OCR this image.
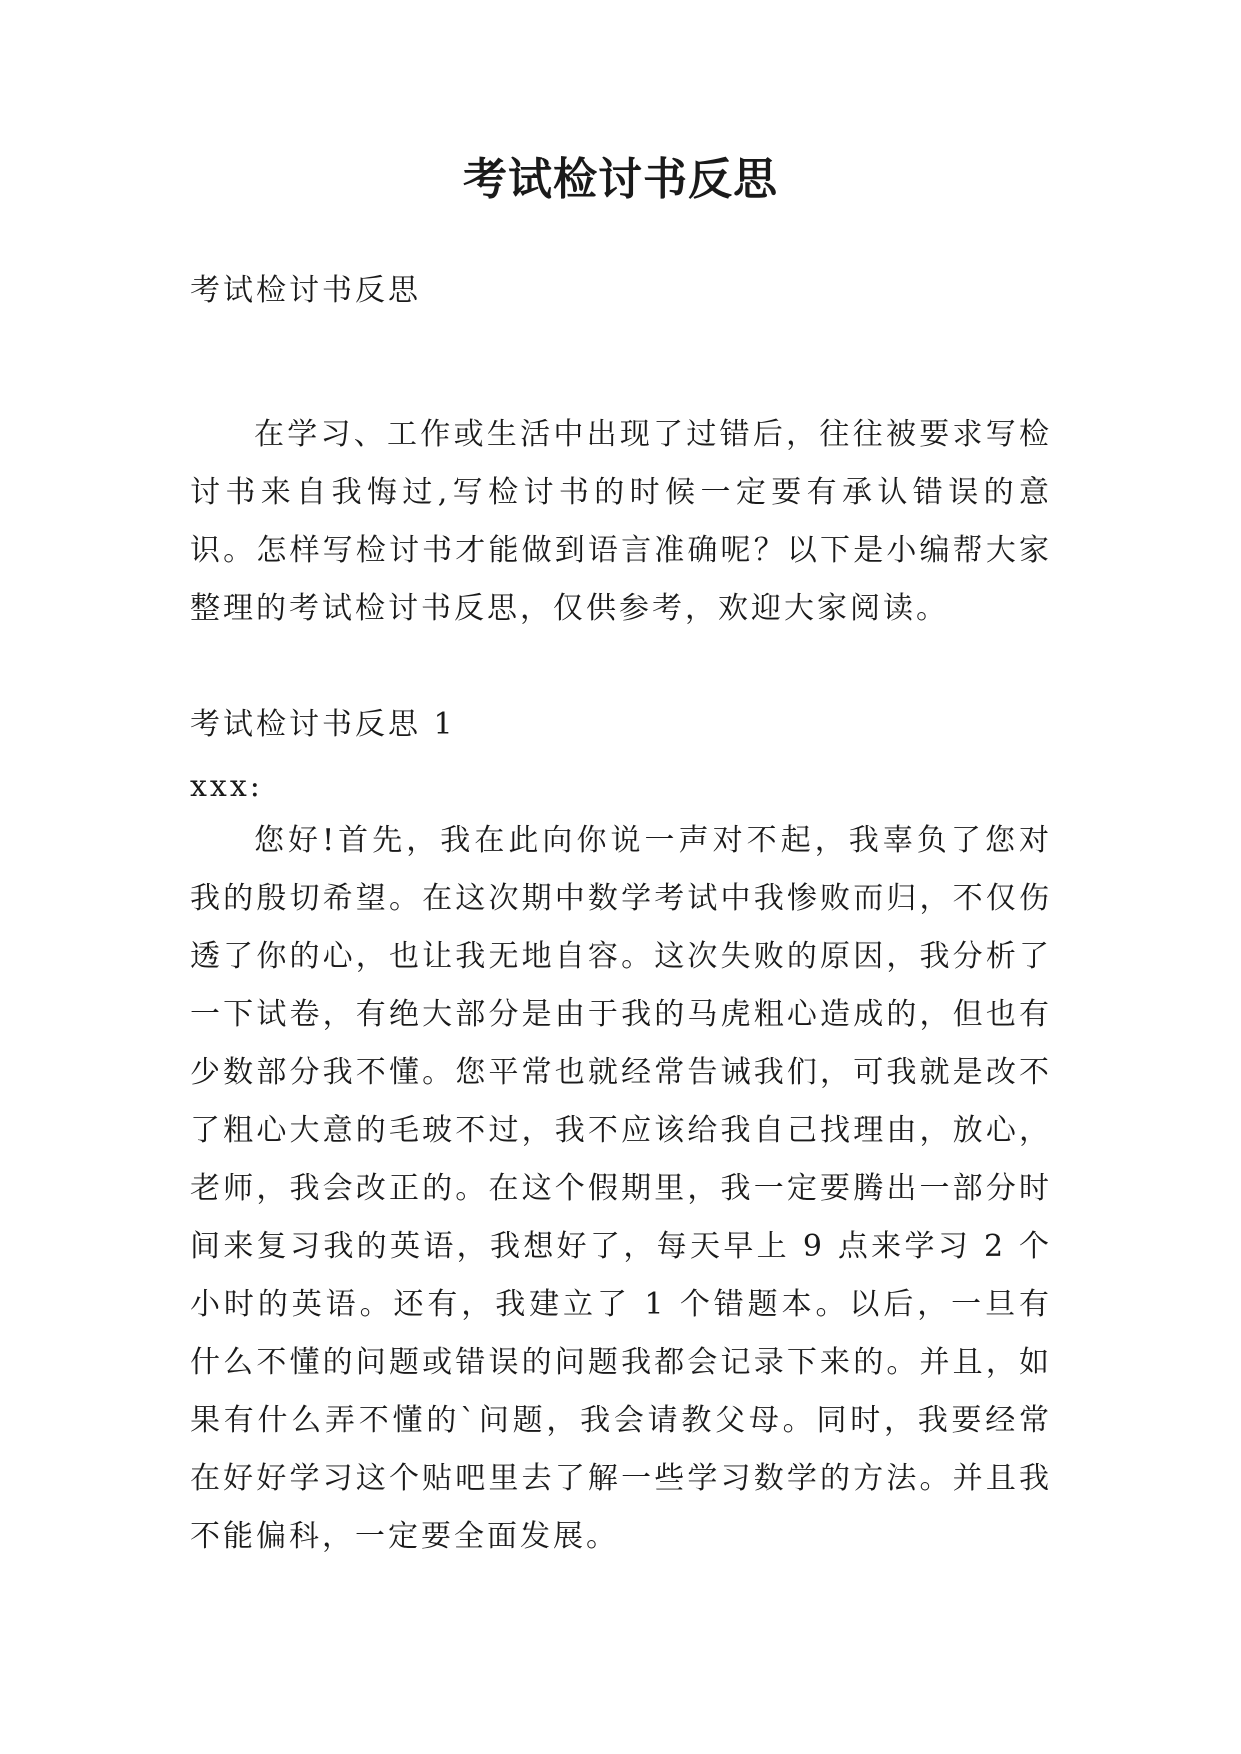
考试检讨书反思
考试检讨书反思
在学习、工作或生活中出现了过错后，往往被要求写检讨书来自我悔过,写检讨书的时候一定要有承认错误的意识。怎样写检讨书才能做到语言准确呢？以下是小编帮大家整理的考试检讨书反思，仅供参考，欢迎大家阅读。
考试检讨书反思 1
xxx:
您好!首先，我在此向你说一声对不起，我辜负了您对我的殷切希望。在这次期中数学考试中我惨败而归，不仅伤透了你的心，也让我无地自容。这次失败的原因，我分析了一下试卷，有绝大部分是由于我的马虎粗心造成的，但也有少数部分我不懂。您平常也就经常告诫我们，可我就是改不了粗心大意的毛玻不过，我不应该给我自己找理由，放心，老师，我会改正的。在这个假期里，我一定要腾出一部分时间来复习我的英语，我想好了，每天早上 9 点来学习 2 个小时的英语。还有，我建立了 1 个错题本。以后，一旦有什么不懂的问题或错误的问题我都会记录下来的。并且，如果有什么弄不懂的`问题，我会请教父母。同时，我要经常在好好学习这个贴吧里去了解一些学习数学的方法。并且我不能偏科，一定要全面发展。
